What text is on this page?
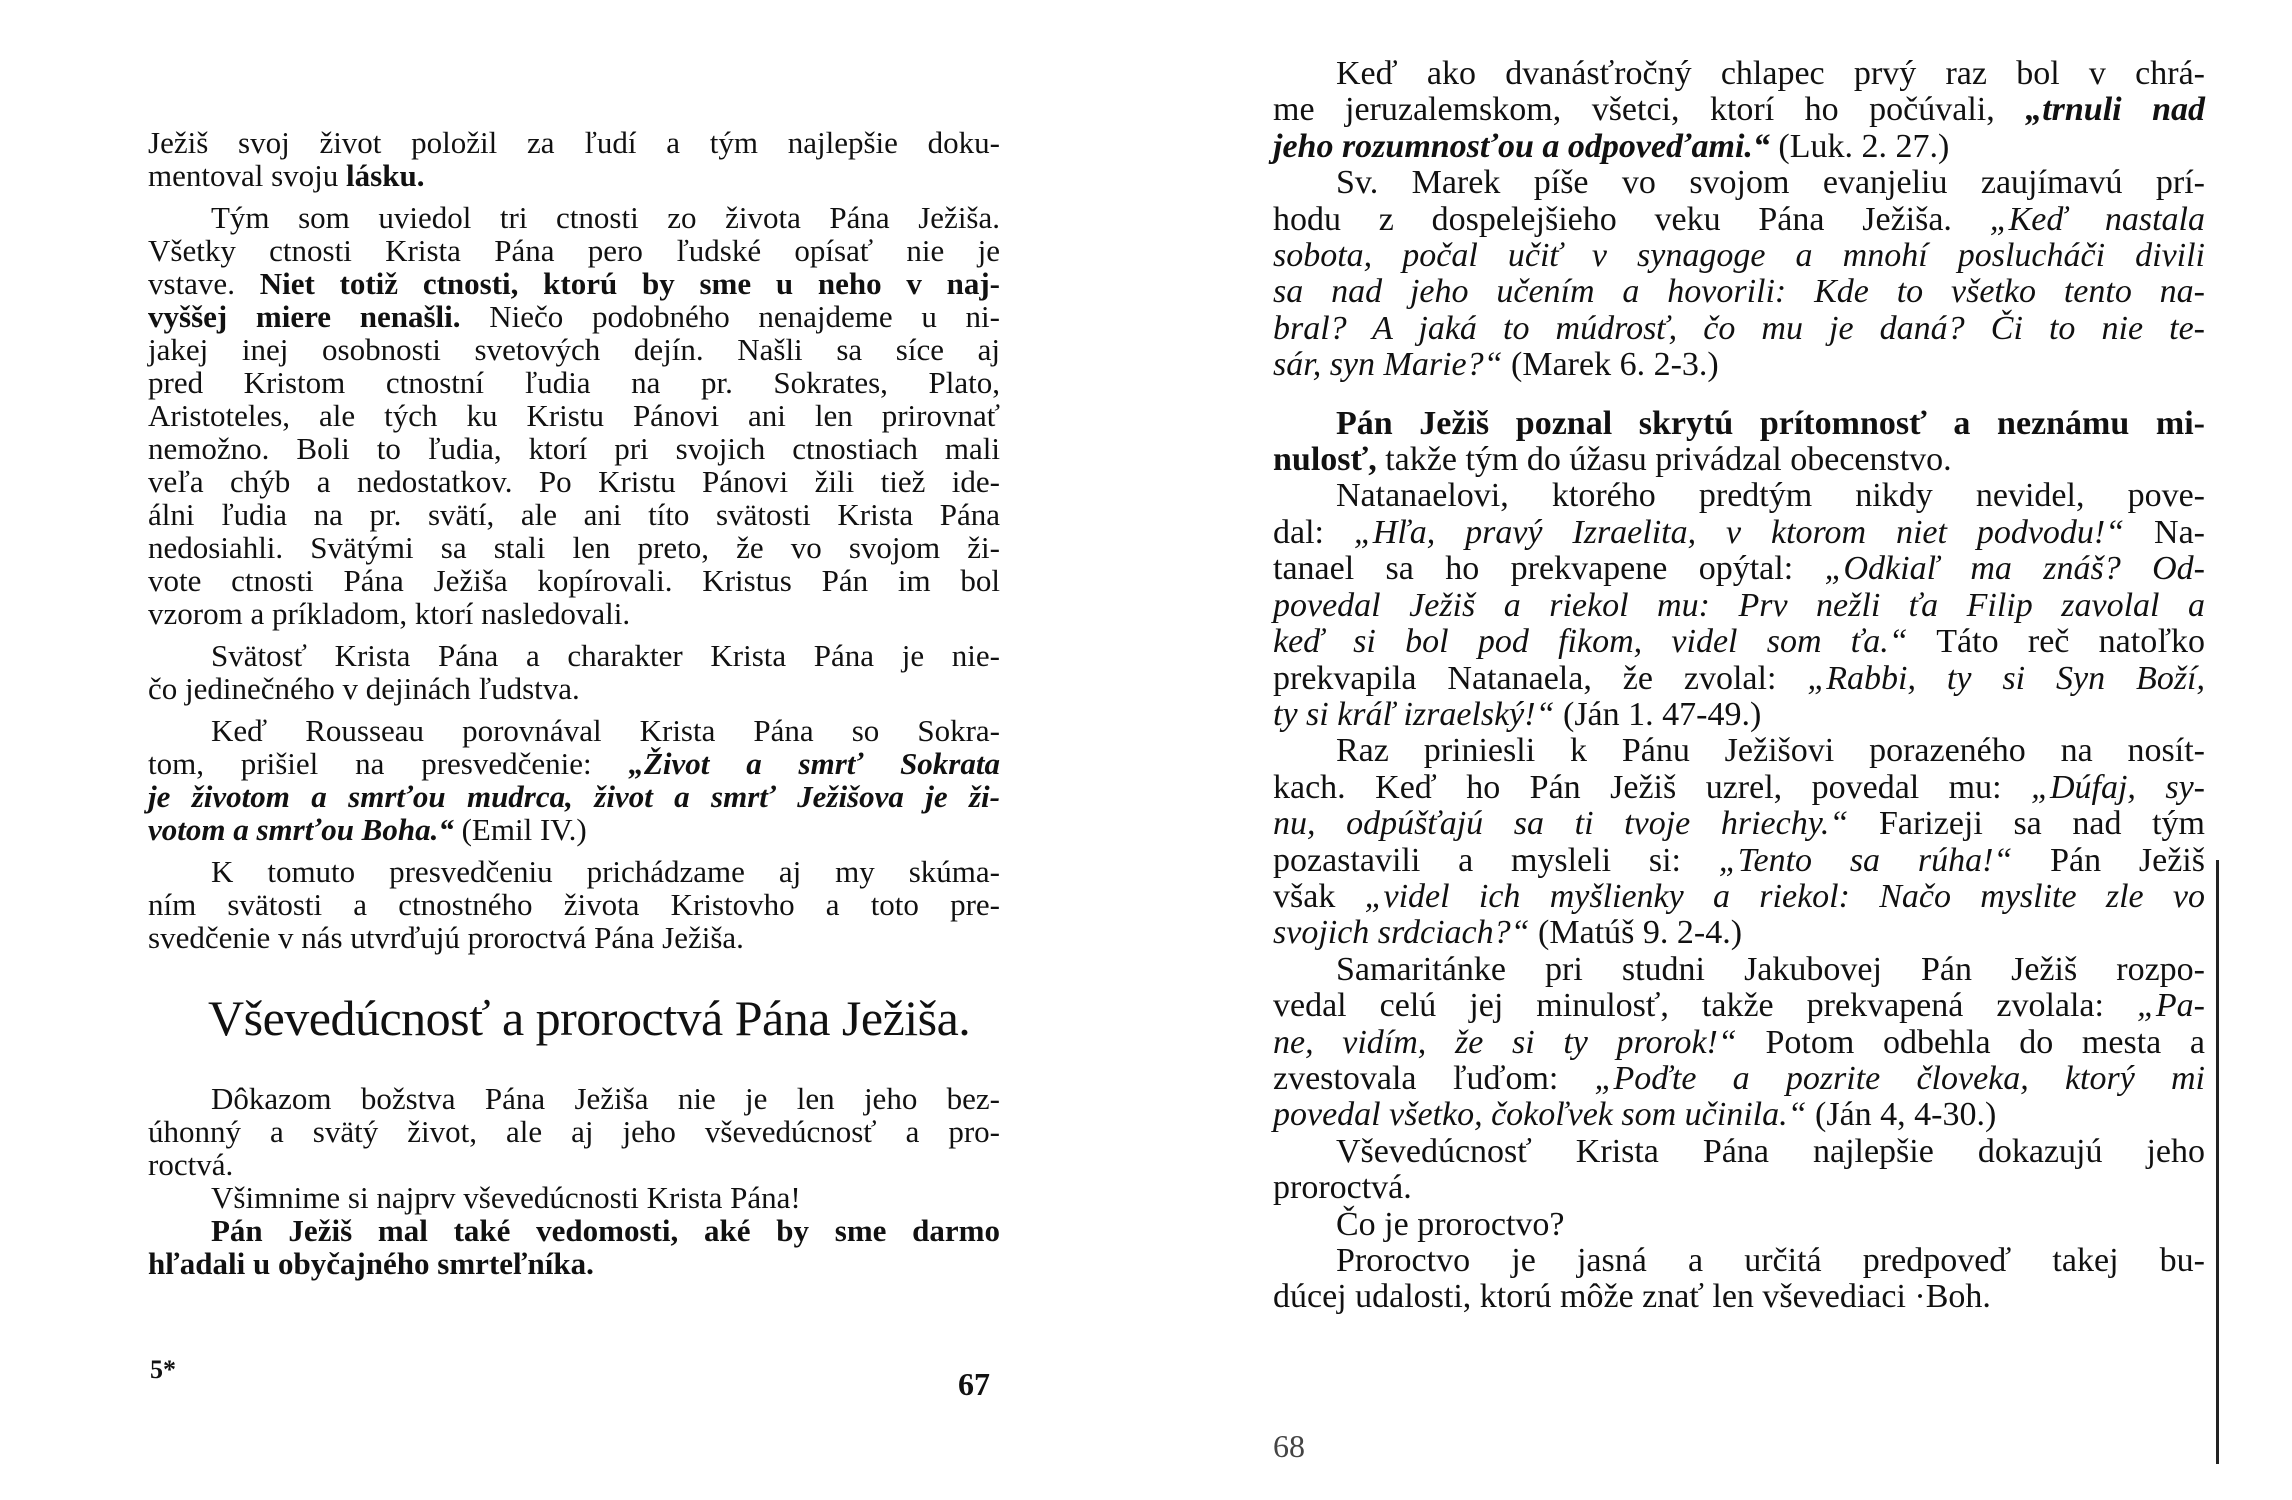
Ježiš svoj život položil za ľudí a tým najlepšie doku-
mentoval svoju lásku.
Tým som uviedol tri ctnosti zo života Pána Ježiša.
Všetky ctnosti Krista Pána pero ľudské opísať nie je
vstave. Niet totiž ctnosti, ktorú by sme u neho v naj-
vyššej miere nenašli. Niečo podobného nenajdeme u ni-
jakej inej osobnosti svetových dejín. Našli sa síce aj
pred Kristom ctnostní ľudia na pr. Sokrates, Plato,
Aristoteles, ale tých ku Kristu Pánovi ani len prirovnať
nemožno. Boli to ľudia, ktorí pri svojich ctnostiach mali
veľa chýb a nedostatkov. Po Kristu Pánovi žili tiež ide-
álni ľudia na pr. svätí, ale ani títo svätosti Krista Pána
nedosiahli. Svätými sa stali len preto, že vo svojom ži-
vote ctnosti Pána Ježiša kopírovali. Kristus Pán im bol
vzorom a príkladom, ktorí nasledovali.
Svätosť Krista Pána a charakter Krista Pána je nie-
čo jedinečného v dejinách ľudstva.
Keď Rousseau porovnával Krista Pána so Sokra-
tom, prišiel na presvedčenie: „Život a smrť Sokrata
je životom a smrťou mudrca, život a smrť Ježišova je ži-
votom a smrťou Boha.“ (Emil IV.)
K tomuto presvedčeniu prichádzame aj my skúma-
ním svätosti a ctnostného života Kristovho a toto pre-
svedčenie v nás utvrďujú proroctvá Pána Ježiša.
Vševedúcnosť a proroctvá Pána Ježiša.
Dôkazom božstva Pána Ježiša nie je len jeho bez-
úhonný a svätý život, ale aj jeho vševedúcnosť a pro-
roctvá.
Všimnime si najprv vševedúcnosti Krista Pána!
Pán Ježiš mal také vedomosti, aké by sme darmo
hľadali u obyčajného smrteľníka.
Keď ako dvanásťročný chlapec prvý raz bol v chrá-
me jeruzalemskom, všetci, ktorí ho počúvali, „trnuli nad
jeho rozumnosťou a odpoveďami.“ (Luk. 2. 27.)
Sv. Marek píše vo svojom evanjeliu zaujímavú prí-
hodu z dospelejšieho veku Pána Ježiša. „Keď nastala
sobota, počal učiť v synagoge a mnohí poslucháči divili
sa nad jeho učením a hovorili: Kde to všetko tento na-
bral? A jaká to múdrosť, čo mu je daná? Či to nie te-
sár, syn Marie?“ (Marek 6. 2-3.)
Pán Ježiš poznal skrytú prítomnosť a neznámu mi-
nulosť, takže tým do úžasu privádzal obecenstvo.
Natanaelovi, ktorého predtým nikdy nevidel, pove-
dal: „Hľa, pravý Izraelita, v ktorom niet podvodu!“ Na-
tanael sa ho prekvapene opýtal: „Odkiaľ ma znáš? Od-
povedal Ježiš a riekol mu: Prv nežli ťa Filip zavolal a
keď si bol pod fikom, videl som ťa.“ Táto reč natoľko
prekvapila Natanaela, že zvolal: „Rabbi, ty si Syn Boží,
ty si kráľ izraelský!“ (Ján 1. 47-49.)
Raz priniesli k Pánu Ježišovi porazeného na nosít-
kach. Keď ho Pán Ježiš uzrel, povedal mu: „Dúfaj, sy-
nu, odpúšťajú sa ti tvoje hriechy.“ Farizeji sa nad tým
pozastavili a mysleli si: „Tento sa rúha!“ Pán Ježiš
však „videl ich myšlienky a riekol: Načo myslite zle vo
svojich srdciach?“ (Matúš 9. 2-4.)
Samaritánke pri studni Jakubovej Pán Ježiš rozpo-
vedal celú jej minulosť, takže prekvapená zvolala: „Pa-
ne, vidím, že si ty prorok!“ Potom odbehla do mesta a
zvestovala ľuďom: „Poďte a pozrite človeka, ktorý mi
povedal všetko, čokoľvek som učinila.“ (Ján 4, 4-30.)
Vševedúcnosť Krista Pána najlepšie dokazujú jeho
proroctvá.
Čo je proroctvo?
Proroctvo je jasná a určitá predpoveď takej bu-
dúcej udalosti, ktorú môže znať len vševediaci ·Boh.
5*	67
68
